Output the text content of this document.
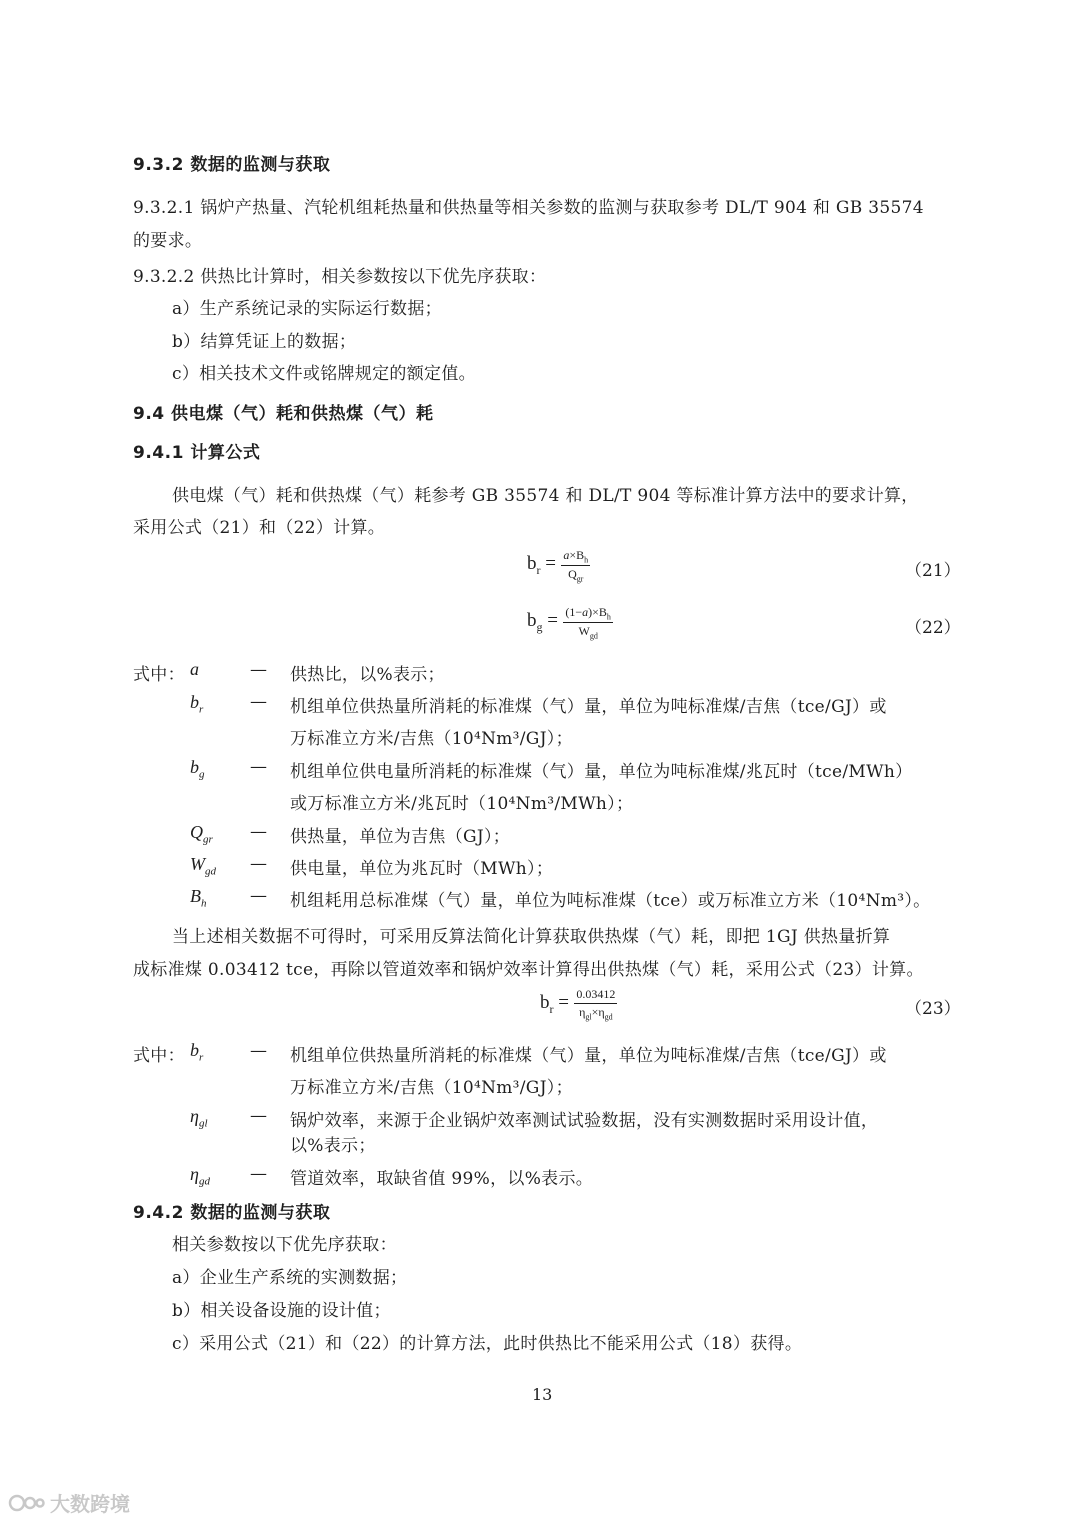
9.3.2 数据的监测与获取
9.3.2.1 锅炉产热量、汽轮机组耗热量和供热量等相关参数的监测与获取参考 DL/T 904 和 GB 35574
的要求。
9.3.2.2 供热比计算时，相关参数按以下优先序获取：
a）生产系统记录的实际运行数据；
b）结算凭证上的数据；
c）相关技术文件或铭牌规定的额定值。
9.4 供电煤（气）耗和供热煤（气）耗
9.4.1 计算公式
供电煤（气）耗和供热煤（气）耗参考 GB 35574 和 DL/T 904 等标准计算方法中的要求计算，
采用公式（21）和（22）计算。
$b_r = \frac{a\times B_h}{Q_{gr}}$	（21）
$b_g = \frac{(1-a)\times B_h}{W_{gd}}$	（22）
式中： a	— 供热比，以%表示；
$b_r$	— 机组单位供热量所消耗的标准煤（气）量，单位为吨标准煤/吉焦（tce/GJ）或
万标准立方米/吉焦（10⁴Nm³/GJ）；
$b_g$	— 机组单位供电量所消耗的标准煤（气）量，单位为吨标准煤/兆瓦时（tce/MWh）
或万标准立方米/兆瓦时（10⁴Nm³/MWh）；
$Q_{gr}$ — 供热量，单位为吉焦（GJ）；
$W_{gd}$ — 供电量，单位为兆瓦时（MWh）；
$B_h$	— 机组耗用总标准煤（气）量，单位为吨标准煤（tce）或万标准立方米（10⁴Nm³）。
当上述相关数据不可得时，可采用反算法简化计算获取供热煤（气）耗，即把 1GJ 供热量折算
成标准煤 0.03412 tce，再除以管道效率和锅炉效率计算得出供热煤（气）耗，采用公式（23）计算。
$b_r = \frac{0.03412}{\eta_{gl}\times\eta_{gd}}$	（23）
式中： $b_r$	— 机组单位供热量所消耗的标准煤（气）量，单位为吨标准煤/吉焦（tce/GJ）或
万标准立方米/吉焦（10⁴Nm³/GJ）；
$\eta_{gl}$	— 锅炉效率，来源于企业锅炉效率测试试验数据，没有实测数据时采用设计值，
以%表示；
$\eta_{gd}$ — 管道效率，取缺省值 99%，以%表示。
9.4.2 数据的监测与获取
相关参数按以下优先序获取：
a）企业生产系统的实测数据；
b）相关设备设施的设计值；
c）采用公式（21）和（22）的计算方法，此时供热比不能采用公式（18）获得。
13
大数跨境
